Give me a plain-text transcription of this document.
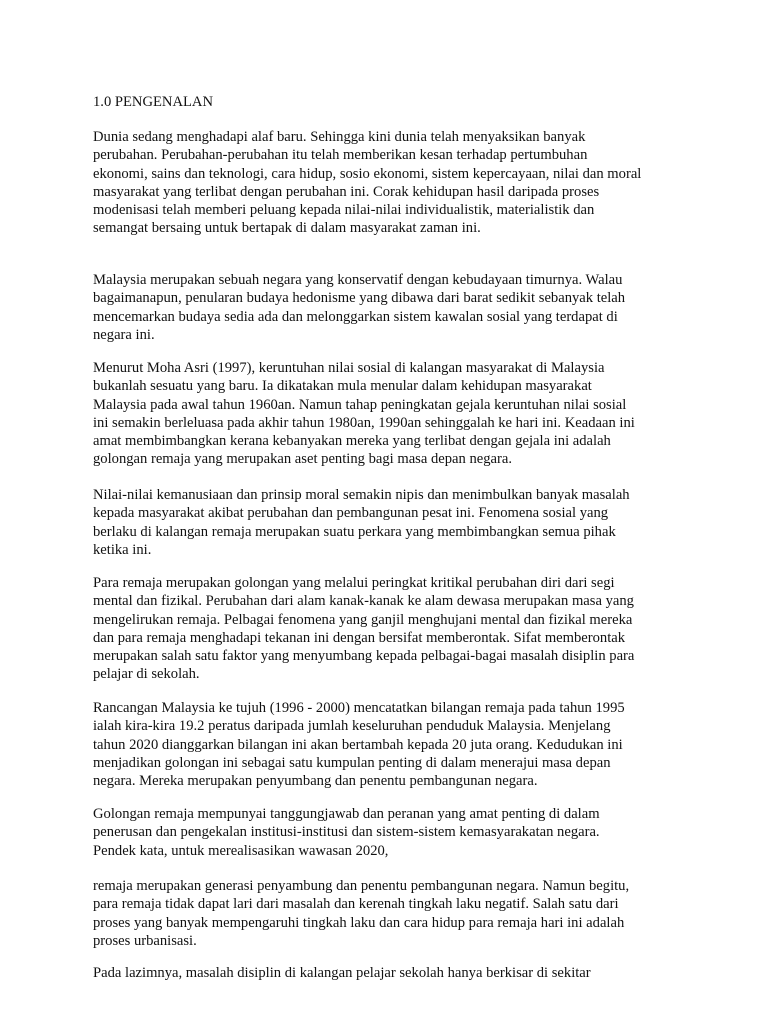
1.0 PENGENALAN
Dunia sedang menghadapi alaf baru. Sehingga kini dunia telah menyaksikan banyak
perubahan. Perubahan-perubahan itu telah memberikan kesan terhadap pertumbuhan
ekonomi, sains dan teknologi, cara hidup, sosio ekonomi, sistem kepercayaan, nilai dan moral
masyarakat yang terlibat dengan perubahan ini. Corak kehidupan hasil daripada proses
modenisasi telah memberi peluang kepada nilai-nilai individualistik, materialistik dan
semangat bersaing untuk bertapak di dalam masyarakat zaman ini.
Malaysia merupakan sebuah negara yang konservatif dengan kebudayaan timurnya. Walau
bagaimanapun, penularan budaya hedonisme yang dibawa dari barat sedikit sebanyak telah
mencemarkan budaya sedia ada dan melonggarkan sistem kawalan sosial yang terdapat di
negara ini.
Menurut Moha Asri (1997), keruntuhan nilai sosial di kalangan masyarakat di Malaysia
bukanlah sesuatu yang baru. Ia dikatakan mula menular dalam kehidupan masyarakat
Malaysia pada awal tahun 1960an. Namun tahap peningkatan gejala keruntuhan nilai sosial
ini semakin berleluasa pada akhir tahun 1980an, 1990an sehinggalah ke hari ini. Keadaan ini
amat membimbangkan kerana kebanyakan mereka yang terlibat dengan gejala ini adalah
golongan remaja yang merupakan aset penting bagi masa depan negara.
Nilai-nilai kemanusiaan dan prinsip moral semakin nipis dan menimbulkan banyak masalah
kepada masyarakat akibat perubahan dan pembangunan pesat ini. Fenomena sosial yang
berlaku di kalangan remaja merupakan suatu perkara yang membimbangkan semua pihak
ketika ini.
Para remaja merupakan golongan yang melalui peringkat kritikal perubahan diri dari segi
mental dan fizikal. Perubahan dari alam kanak-kanak ke alam dewasa merupakan masa yang
mengelirukan remaja. Pelbagai fenomena yang ganjil menghujani mental dan fizikal mereka
dan para remaja menghadapi tekanan ini dengan bersifat memberontak. Sifat memberontak
merupakan salah satu faktor yang menyumbang kepada pelbagai-bagai masalah disiplin para
pelajar di sekolah.
Rancangan Malaysia ke tujuh (1996 - 2000) mencatatkan bilangan remaja pada tahun 1995
ialah kira-kira 19.2 peratus daripada jumlah keseluruhan penduduk Malaysia. Menjelang
tahun 2020 dianggarkan bilangan ini akan bertambah kepada 20 juta orang. Kedudukan ini
menjadikan golongan ini sebagai satu kumpulan penting di dalam menerajui masa depan
negara. Mereka merupakan penyumbang dan penentu pembangunan negara.
Golongan remaja mempunyai tanggungjawab dan peranan yang amat penting di dalam
penerusan dan pengekalan institusi-institusi dan sistem-sistem kemasyarakatan negara.
Pendek kata, untuk merealisasikan wawasan 2020,
remaja merupakan generasi penyambung dan penentu pembangunan negara. Namun begitu,
para remaja tidak dapat lari dari masalah dan kerenah tingkah laku negatif. Salah satu dari
proses yang banyak mempengaruhi tingkah laku dan cara hidup para remaja hari ini adalah
proses urbanisasi.
Pada lazimnya, masalah disiplin di kalangan pelajar sekolah hanya berkisar di sekitar
